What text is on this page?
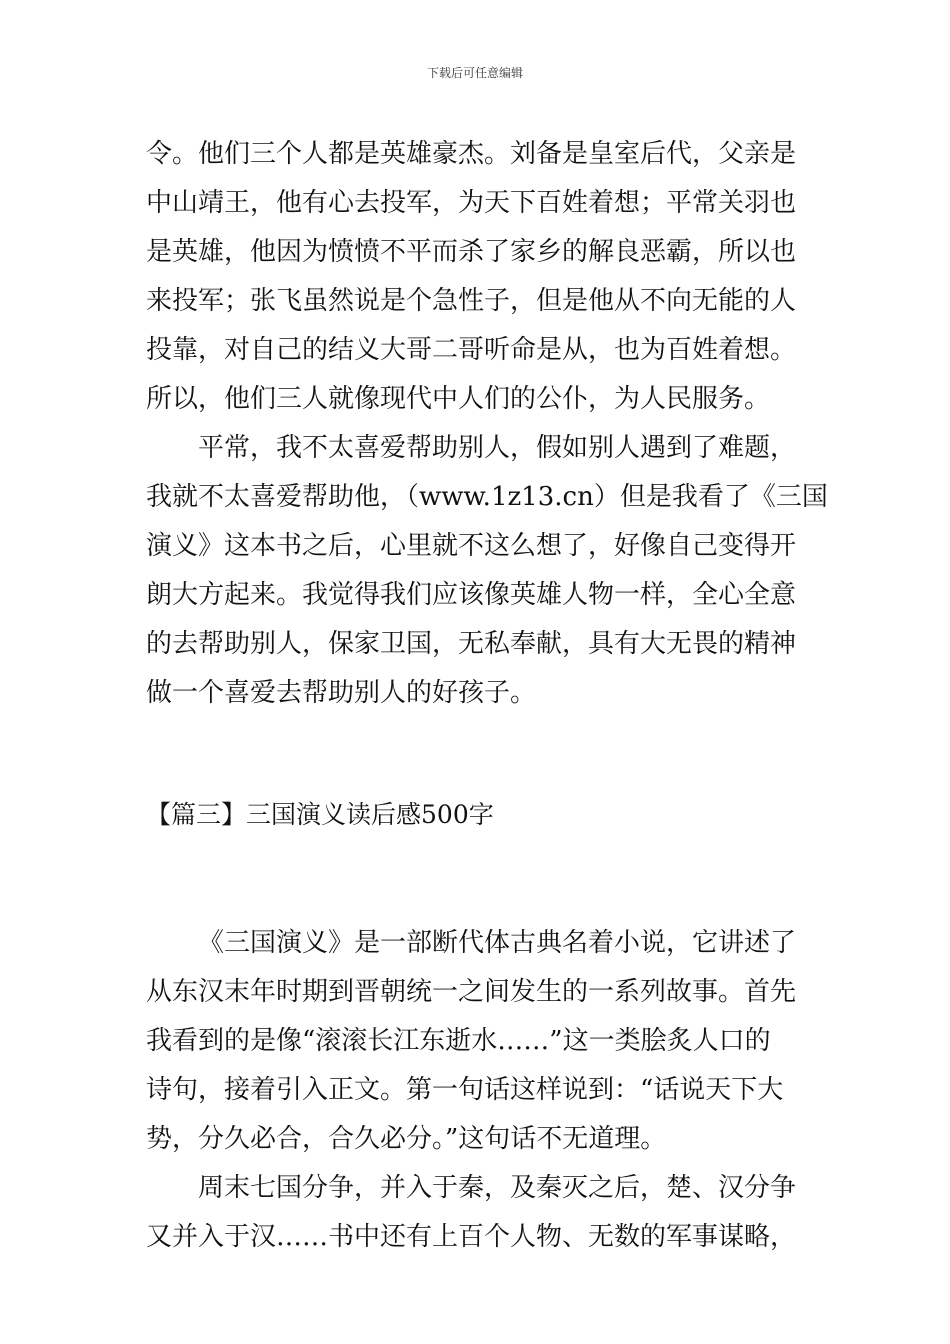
下载后可任意编辑
令。他们三个人都是英雄豪杰。刘备是皇室后代，父亲是
中山靖王，他有心去投军，为天下百姓着想；平常关羽也
是英雄，他因为愤愤不平而杀了家乡的解良恶霸，所以也
来投军；张飞虽然说是个急性子，但是他从不向无能的人
投靠，对自己的结义大哥二哥听命是从，也为百姓着想。
所以，他们三人就像现代中人们的公仆，为人民服务。
平常，我不太喜爱帮助别人，假如别人遇到了难题，
我就不太喜爱帮助他，（www.1z13.cn）但是我看了《三国
演义》这本书之后，心里就不这么想了，好像自己变得开
朗大方起来。我觉得我们应该像英雄人物一样，全心全意
的去帮助别人，保家卫国，无私奉献，具有大无畏的精神
做一个喜爱去帮助别人的好孩子。
【篇三】三国演义读后感500字
《三国演义》是一部断代体古典名着小说，它讲述了
从东汉末年时期到晋朝统一之间发生的一系列故事。首先
我看到的是像“滚滚长江东逝水……”这一类脍炙人口的
诗句，接着引入正文。第一句话这样说到：“话说天下大
势，分久必合，合久必分。”这句话不无道理。
周末七国分争，并入于秦，及秦灭之后，楚、汉分争
又并入于汉……书中还有上百个人物、无数的军事谋略，
